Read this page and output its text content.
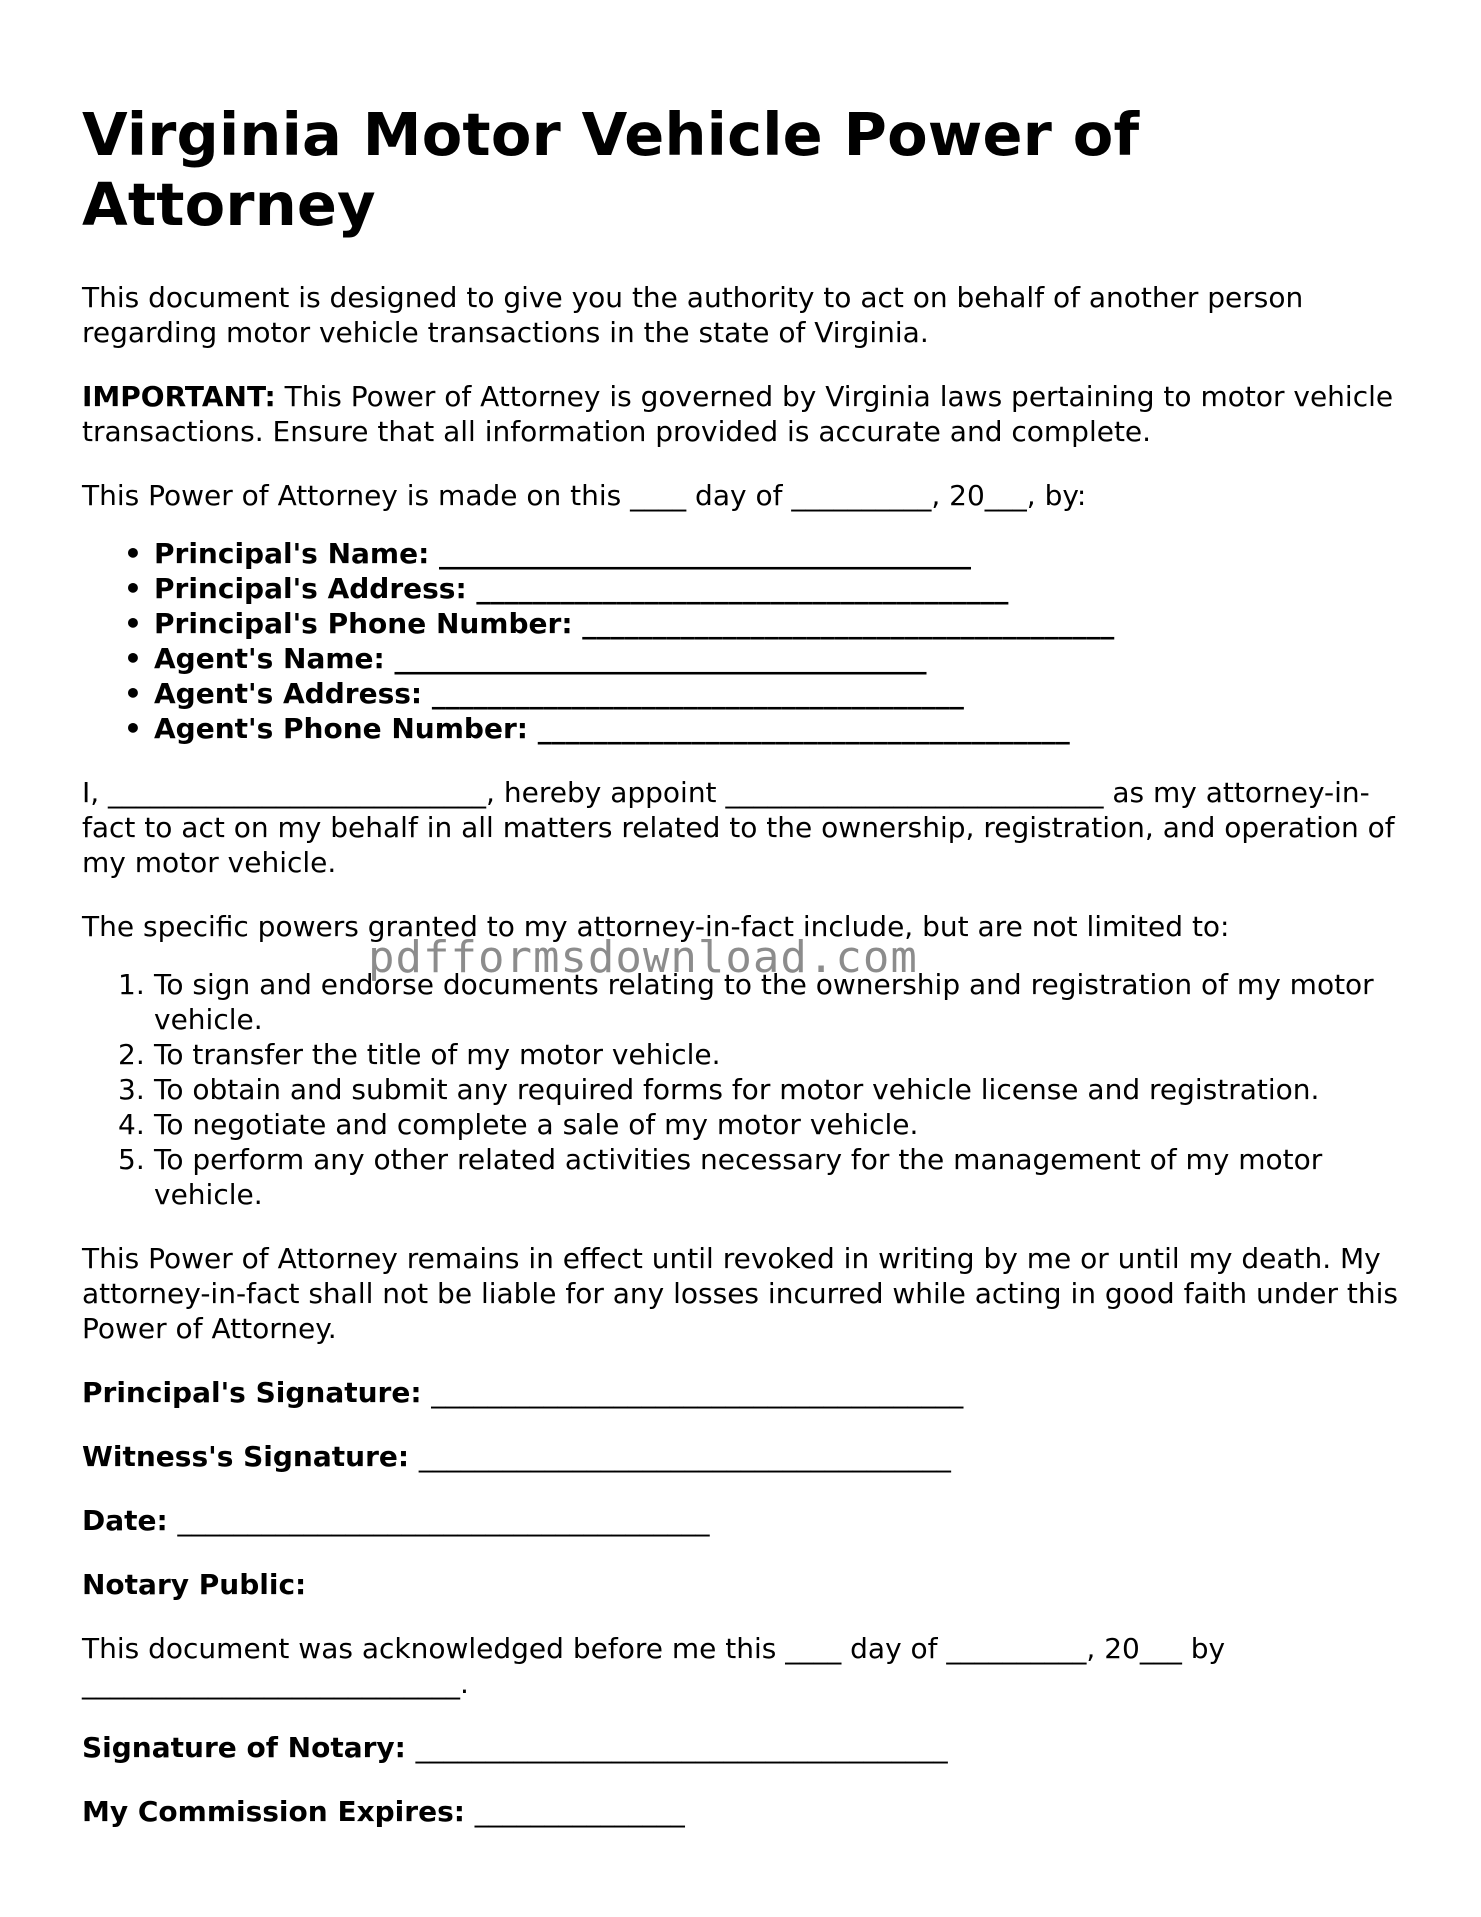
Virginia Motor Vehicle Power of Attorney

This document is designed to give you the authority to act on behalf of another person regarding motor vehicle transactions in the state of Virginia.

IMPORTANT: This Power of Attorney is governed by Virginia laws pertaining to motor vehicle transactions. Ensure that all information provided is accurate and complete.

This Power of Attorney is made on this ____ day of __________, 20___, by:

• Principal's Name: ______________________________________
• Principal's Address: ______________________________________
• Principal's Phone Number: ______________________________________
• Agent's Name: ______________________________________
• Agent's Address: ______________________________________
• Agent's Phone Number: ______________________________________

I, ___________________________, hereby appoint ___________________________ as my attorney-in-fact to act on my behalf in all matters related to the ownership, registration, and operation of my motor vehicle.

The specific powers granted to my attorney-in-fact include, but are not limited to:

1. To sign and endorse documents relating to the ownership and registration of my motor vehicle.
2. To transfer the title of my motor vehicle.
3. To obtain and submit any required forms for motor vehicle license and registration.
4. To negotiate and complete a sale of my motor vehicle.
5. To perform any other related activities necessary for the management of my motor vehicle.

This Power of Attorney remains in effect until revoked in writing by me or until my death. My attorney-in-fact shall not be liable for any losses incurred while acting in good faith under this Power of Attorney.

Principal's Signature: ______________________________________

Witness's Signature: ______________________________________

Date: ______________________________________

Notary Public:

This document was acknowledged before me this ____ day of __________, 20___ by ___________________________.

Signature of Notary: ______________________________________

My Commission Expires: _______________

pdfformsdownload.com
